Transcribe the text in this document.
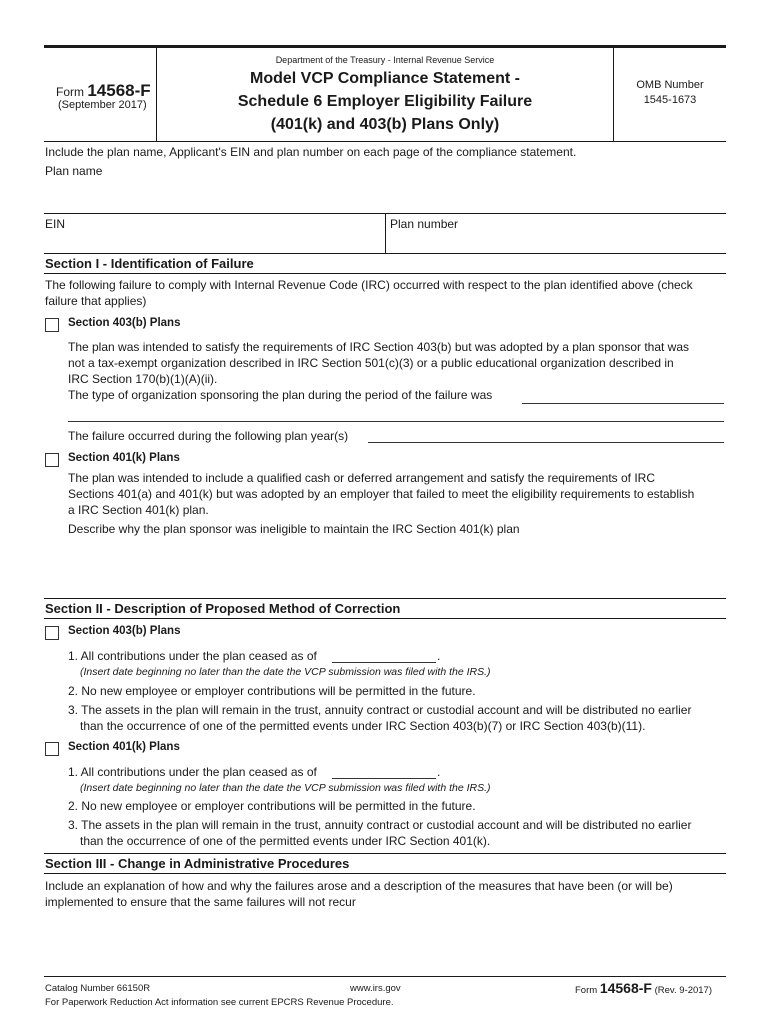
Form 14568-F
(September 2017)
Department of the Treasury - Internal Revenue Service
Model VCP Compliance Statement -
Schedule 6 Employer Eligibility Failure
(401(k) and 403(b) Plans Only)
OMB Number
1545-1673
Include the plan name, Applicant's EIN and plan number on each page of the compliance statement.
Plan name
EIN	Plan number
Section I - Identification of Failure
The following failure to comply with Internal Revenue Code (IRC) occurred with respect to the plan identified above (check
failure that applies)
Section 403(b) Plans
The plan was intended to satisfy the requirements of IRC Section 403(b) but was adopted by a plan sponsor that was
not a tax-exempt organization described in IRC Section 501(c)(3) or a public educational organization described in
IRC Section 170(b)(1)(A)(ii).
The type of organization sponsoring the plan during the period of the failure was
The failure occurred during the following plan year(s)
Section 401(k) Plans
The plan was intended to include a qualified cash or deferred arrangement and satisfy the requirements of IRC
Sections 401(a) and 401(k) but was adopted by an employer that failed to meet the eligibility requirements to establish
a IRC Section 401(k) plan.
Describe why the plan sponsor was ineligible to maintain the IRC Section 401(k) plan
Section II - Description of Proposed Method of Correction
Section 403(b) Plans
1. All contributions under the plan ceased as of	.
(Insert date beginning no later than the date the VCP submission was filed with the IRS.)
2. No new employee or employer contributions will be permitted in the future.
3. The assets in the plan will remain in the trust, annuity contract or custodial account and will be distributed no earlier
than the occurrence of one of the permitted events under IRC Section 403(b)(7) or IRC Section 403(b)(11).
Section 401(k) Plans
1. All contributions under the plan ceased as of	.
(Insert date beginning no later than the date the VCP submission was filed with the IRS.)
2. No new employee or employer contributions will be permitted in the future.
3. The assets in the plan will remain in the trust, annuity contract or custodial account and will be distributed no earlier
than the occurrence of one of the permitted events under IRC Section 401(k).
Section III - Change in Administrative Procedures
Include an explanation of how and why the failures arose and a description of the measures that have been (or will be)
implemented to ensure that the same failures will not recur
Catalog Number 66150R	www.irs.gov	Form 14568-F (Rev. 9-2017)
For Paperwork Reduction Act information see current EPCRS Revenue Procedure.
